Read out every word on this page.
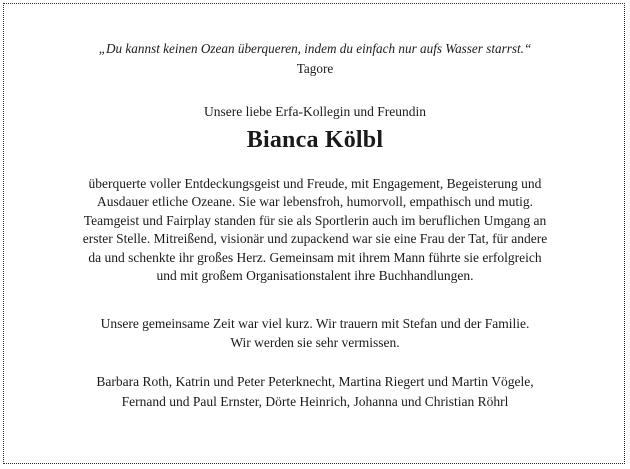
„Du kannst keinen Ozean überqueren, indem du einfach nur aufs Wasser starrst.“
Tagore
Unsere liebe Erfa-Kollegin und Freundin
Bianca Kölbl
überquerte voller Entdeckungsgeist und Freude, mit Engagement, Begeisterung und
Ausdauer etliche Ozeane. Sie war lebensfroh, humorvoll, empathisch und mutig.
Teamgeist und Fairplay standen für sie als Sportlerin auch im beruflichen Umgang an
erster Stelle. Mitreißend, visionär und zupackend war sie eine Frau der Tat, für andere
da und schenkte ihr großes Herz. Gemeinsam mit ihrem Mann führte sie erfolgreich
und mit großem Organisationstalent ihre Buchhandlungen.
Unsere gemeinsame Zeit war viel kurz. Wir trauern mit Stefan und der Familie.
Wir werden sie sehr vermissen.
Barbara Roth, Katrin und Peter Peterknecht, Martina Riegert und Martin Vögele,
Fernand und Paul Ernster, Dörte Heinrich, Johanna und Christian Röhrl
